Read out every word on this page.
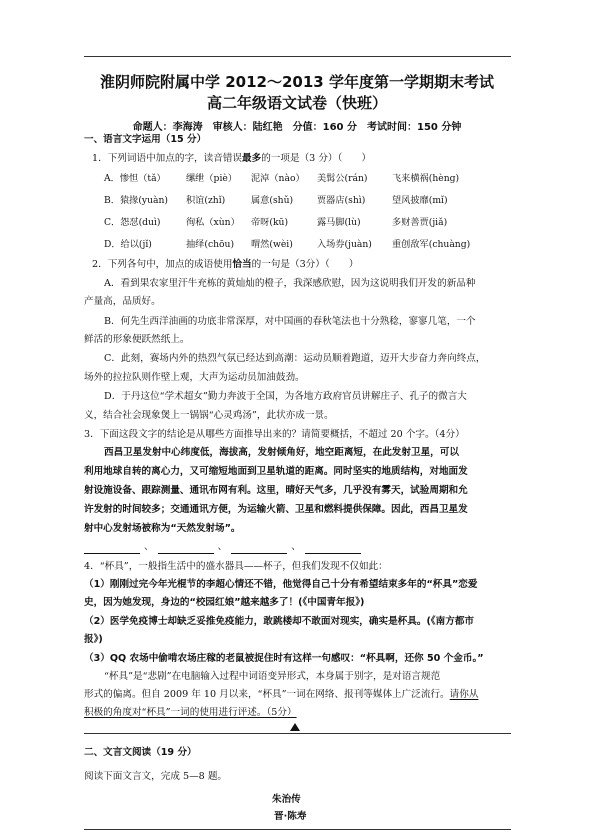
淮阴师院附属中学 2012～2013 学年度第一学期期末考试
高二年级语文试卷（快班）
命题人：李海涛　审核人：陆红艳　分值：160 分　考试时间：150 分钟
一、语言文字运用（15 分）
1．下列词语中加点的字，读音错误最多的一项是（3 分）（　　）
A．惨怛（tǎ） 缧绁（piè） 泥淖（nào） 美髯公(rán)	飞来横祸(hèng)
B．猿掾(yuàn) 积谊(zhǐ)	属意(shǔ)	贾器店(shì)	望风披靡(mǐ)
C．怨怼(duì)	徇私（xùn） 帝呀(kū)	露马脚(lù)	多财善贾(jiǎ)
D．给以(jǐ)	抽绎(chōu) 喟然(wèi)	入场券(juàn) 重创敌军(chuàng)
2．下列各句中，加点的成语使用恰当的一句是（3分）（　　）
A．看到果农家里汗牛充栋的黄灿灿的橙子，我深感欣慰，因为这说明我们开发的新品种
产量高，品质好。
B．何先生西洋油画的功底非常深厚，对中国画的春秋笔法也十分熟稔，寥寥几笔，一个
鲜活的形象便跃然纸上。
C．此刻，赛场内外的热烈气氛已经达到高潮：运动员顺着跑道，迈开大步奋力奔向终点，
场外的拉拉队则作壁上观，大声为运动员加油鼓劲。
D．于丹这位“学术超女”勤力奔波于全国，为各地方政府官员讲解庄子、孔子的微言大
义，结合社会现象煲上一锅锅“心灵鸡汤”，此状亦成一景。
3．下面这段文字的结论是从哪些方面推导出来的？请简要概括，不超过 20 个字。（4分）
西昌卫星发射中心纬度低，海拔高，发射倾角好，地空距离短，在此发射卫星，可以
利用地球自转的离心力，又可缩短地面到卫星轨道的距离。同时坚实的地质结构，对地面发
射设施设备、跟踪测量、通讯布网有利。这里，晴好天气多，几乎没有雾天，试验周期和允
许发射的时间较多；交通通讯方便，为运输火箭、卫星和燃料提供保障。因此，西昌卫星发
射中心发射场被称为“天然发射场”。
、	、	、
4．“杯具”，一般指生活中的盛水器具——杯子，但我们发现不仅如此：
（1）刚刚过完今年光棍节的李超心情还不错，他觉得自己十分有希望结束多年的“杯具”恋爱
史，因为她发现，身边的“校园红娘”越来越多了！(《中国青年报》)
（2）医学免疫博士却缺乏妥推免疫能力，敢跳楼却不敢面对现实，确实是杯具。(《南方都市
报》)
（3）QQ 农场中偷啃农场庄稼的老鼠被捉住时有这样一句感叹：“杯具啊，还你 50 个金币。”
“杯具”是“悲剧”在电脑输入过程中词语变异形式，本身属于别字，是对语言规范
形式的偏离。但自 2009 年 10 月以来，“杯具”一词在网络、报刊等媒体上广泛流行。请你从
积极的角度对“杯具”一词的使用进行评述。（5分）
二、文言文阅读（19 分）
阅读下面文言文，完成 5—8 题。
朱治传
晋·陈寿
